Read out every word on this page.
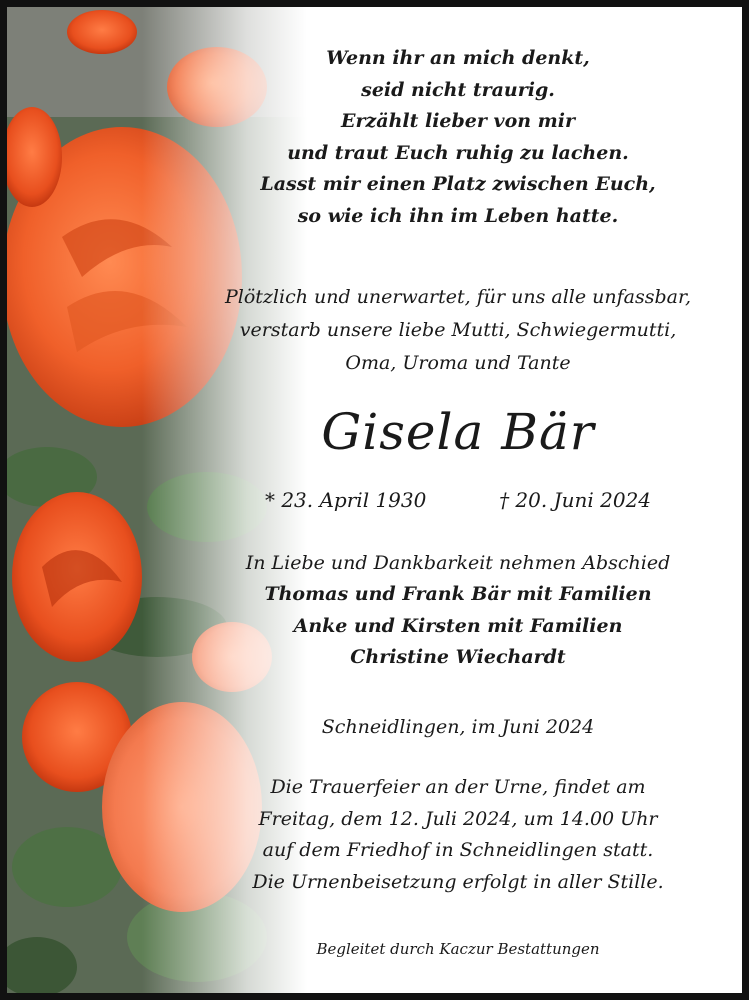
Wenn ihr an mich denkt,
seid nicht traurig.
Erzählt lieber von mir
und traut Euch ruhig zu lachen.
Lasst mir einen Platz zwischen Euch,
so wie ich ihn im Leben hatte.
Plötzlich und unerwartet, für uns alle unfassbar,
verstarb unsere liebe Mutti, Schwiegermutti,
Oma, Uroma und Tante
Gisela Bär
* 23. April 1930	† 20. Juni 2024
In Liebe und Dankbarkeit nehmen Abschied
Thomas und Frank Bär mit Familien
Anke und Kirsten mit Familien
Christine Wiechardt
Schneidlingen, im Juni 2024
Die Trauerfeier an der Urne, findet am
Freitag, dem 12. Juli 2024, um 14.00 Uhr
auf dem Friedhof in Schneidlingen statt.
Die Urnenbeisetzung erfolgt in aller Stille.
Begleitet durch Kaczur Bestattungen
